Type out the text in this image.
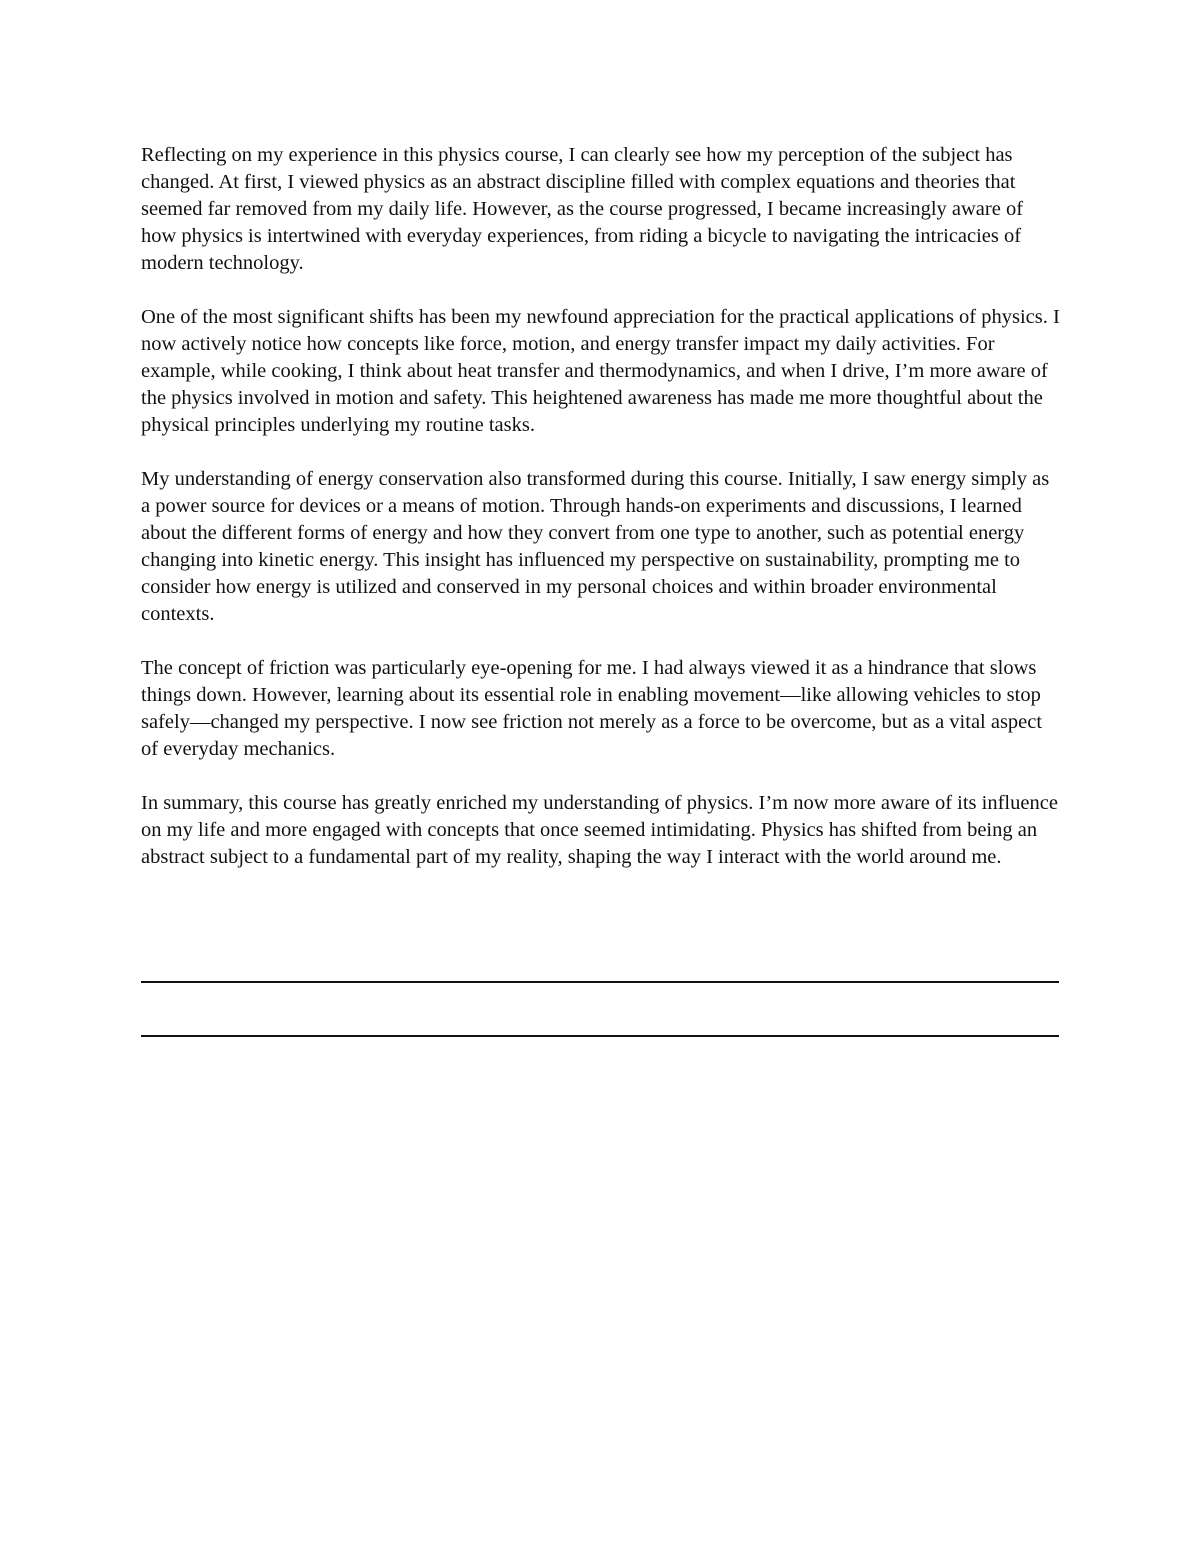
Reflecting on my experience in this physics course, I can clearly see how my perception of the subject has changed. At first, I viewed physics as an abstract discipline filled with complex equations and theories that seemed far removed from my daily life. However, as the course progressed, I became increasingly aware of how physics is intertwined with everyday experiences, from riding a bicycle to navigating the intricacies of modern technology.

One of the most significant shifts has been my newfound appreciation for the practical applications of physics. I now actively notice how concepts like force, motion, and energy transfer impact my daily activities. For example, while cooking, I think about heat transfer and thermodynamics, and when I drive, I’m more aware of the physics involved in motion and safety. This heightened awareness has made me more thoughtful about the physical principles underlying my routine tasks.

My understanding of energy conservation also transformed during this course. Initially, I saw energy simply as a power source for devices or a means of motion. Through hands-on experiments and discussions, I learned about the different forms of energy and how they convert from one type to another, such as potential energy changing into kinetic energy. This insight has influenced my perspective on sustainability, prompting me to consider how energy is utilized and conserved in my personal choices and within broader environmental contexts.

The concept of friction was particularly eye-opening for me. I had always viewed it as a hindrance that slows things down. However, learning about its essential role in enabling movement—like allowing vehicles to stop safely—changed my perspective. I now see friction not merely as a force to be overcome, but as a vital aspect of everyday mechanics.

In summary, this course has greatly enriched my understanding of physics. I’m now more aware of its influence on my life and more engaged with concepts that once seemed intimidating. Physics has shifted from being an abstract subject to a fundamental part of my reality, shaping the way I interact with the world around me.
